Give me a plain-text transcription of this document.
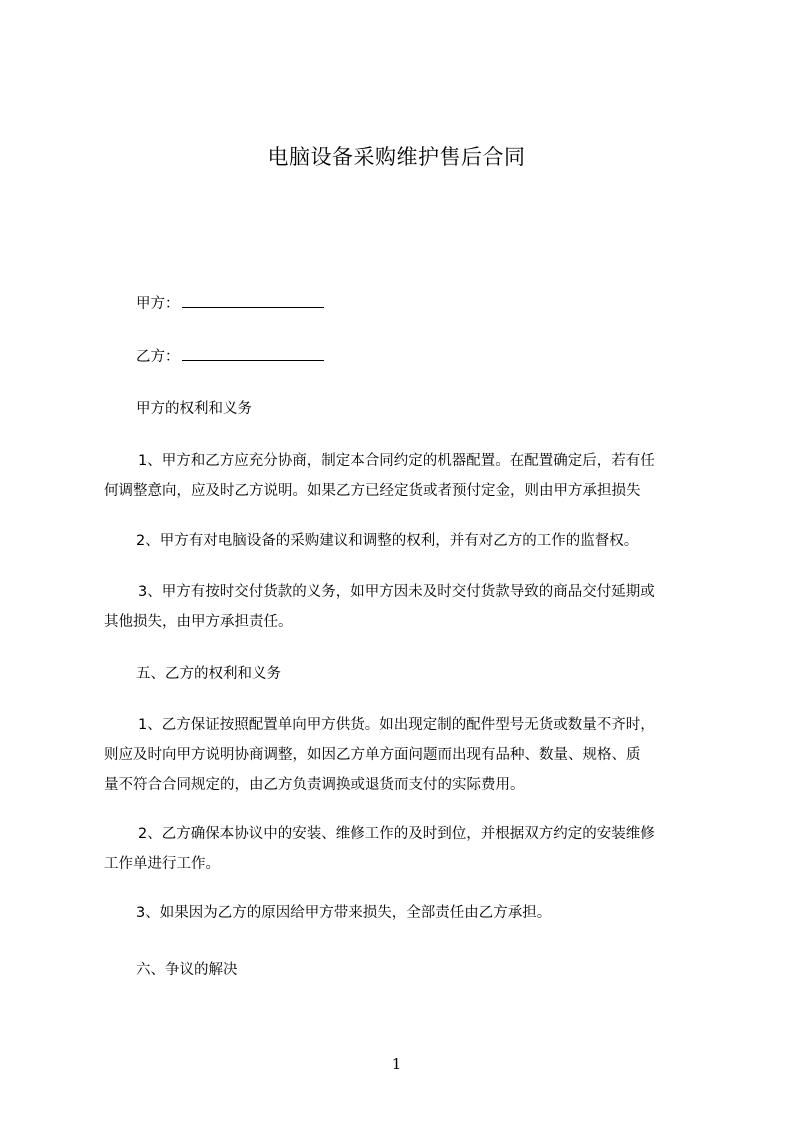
电脑设备采购维护售后合同
甲方：
乙方：
甲方的权利和义务
1、甲方和乙方应充分协商，制定本合同约定的机器配置。在配置确定后，若有任
何调整意向，应及时乙方说明。如果乙方已经定货或者预付定金，则由甲方承担损失
2、甲方有对电脑设备的采购建议和调整的权利，并有对乙方的工作的监督权。
3、甲方有按时交付货款的义务，如甲方因未及时交付货款导致的商品交付延期或
其他损失，由甲方承担责任。
五、乙方的权利和义务
1、乙方保证按照配置单向甲方供货。如出现定制的配件型号无货或数量不齐时，
则应及时向甲方说明协商调整，如因乙方单方面问题而出现有品种、数量、规格、质
量不符合合同规定的，由乙方负责调换或退货而支付的实际费用。
2、乙方确保本协议中的安装、维修工作的及时到位，并根据双方约定的安装维修
工作单进行工作。
3、如果因为乙方的原因给甲方带来损失，全部责任由乙方承担。
六、争议的解决
1
